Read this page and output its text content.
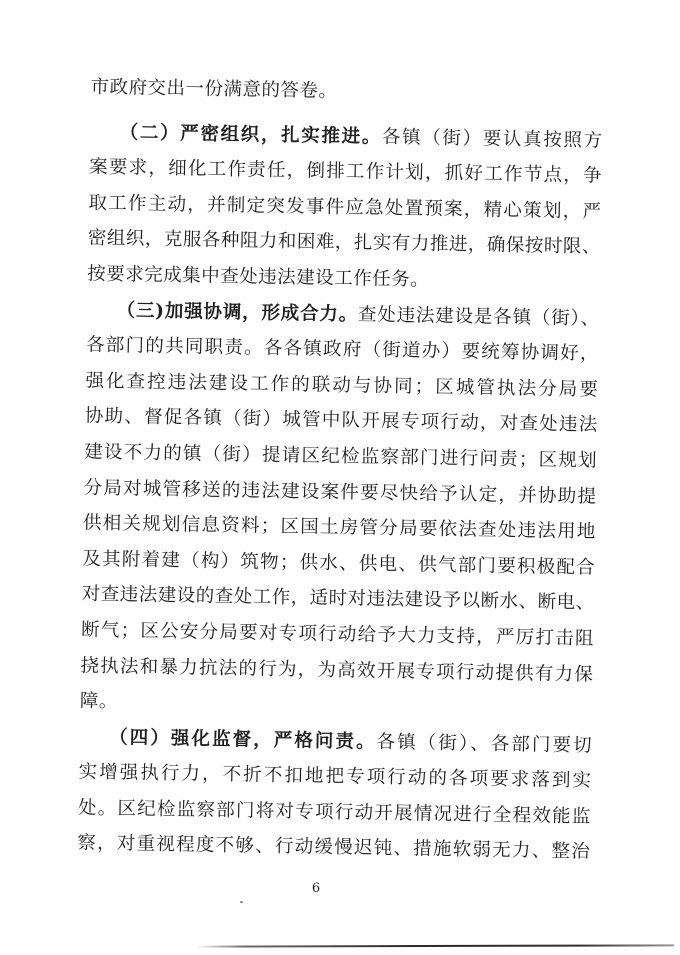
市政府交出一份满意的答卷。
（二）严密组织，扎实推进。各镇（街）要认真按照方
案要求，细化工作责任，倒排工作计划，抓好工作节点，争
取工作主动，并制定突发事件应急处置预案，精心策划，严
密组织，克服各种阻力和困难，扎实有力推进，确保按时限、
按要求完成集中查处违法建设工作任务。
（三)加强协调，形成合力。查处违法建设是各镇（街）、
各部门的共同职责。各各镇政府（街道办）要统筹协调好，
强化查控违法建设工作的联动与协同；区城管执法分局要
协助、督促各镇（街）城管中队开展专项行动，对查处违法
建设不力的镇（街）提请区纪检监察部门进行问责；区规划
分局对城管移送的违法建设案件要尽快给予认定，并协助提
供相关规划信息资料；区国土房管分局要依法查处违法用地
及其附着建（构）筑物；供水、供电、供气部门要积极配合
对查违法建设的查处工作，适时对违法建设予以断水、断电、
断气；区公安分局要对专项行动给予大力支持，严厉打击阻
挠执法和暴力抗法的行为，为高效开展专项行动提供有力保
障。
（四）强化监督，严格问责。各镇（街）、各部门要切
实增强执行力，不折不扣地把专项行动的各项要求落到实
处。区纪检监察部门将对专项行动开展情况进行全程效能监
察，对重视程度不够、行动缓慢迟钝、措施软弱无力、整治
6
